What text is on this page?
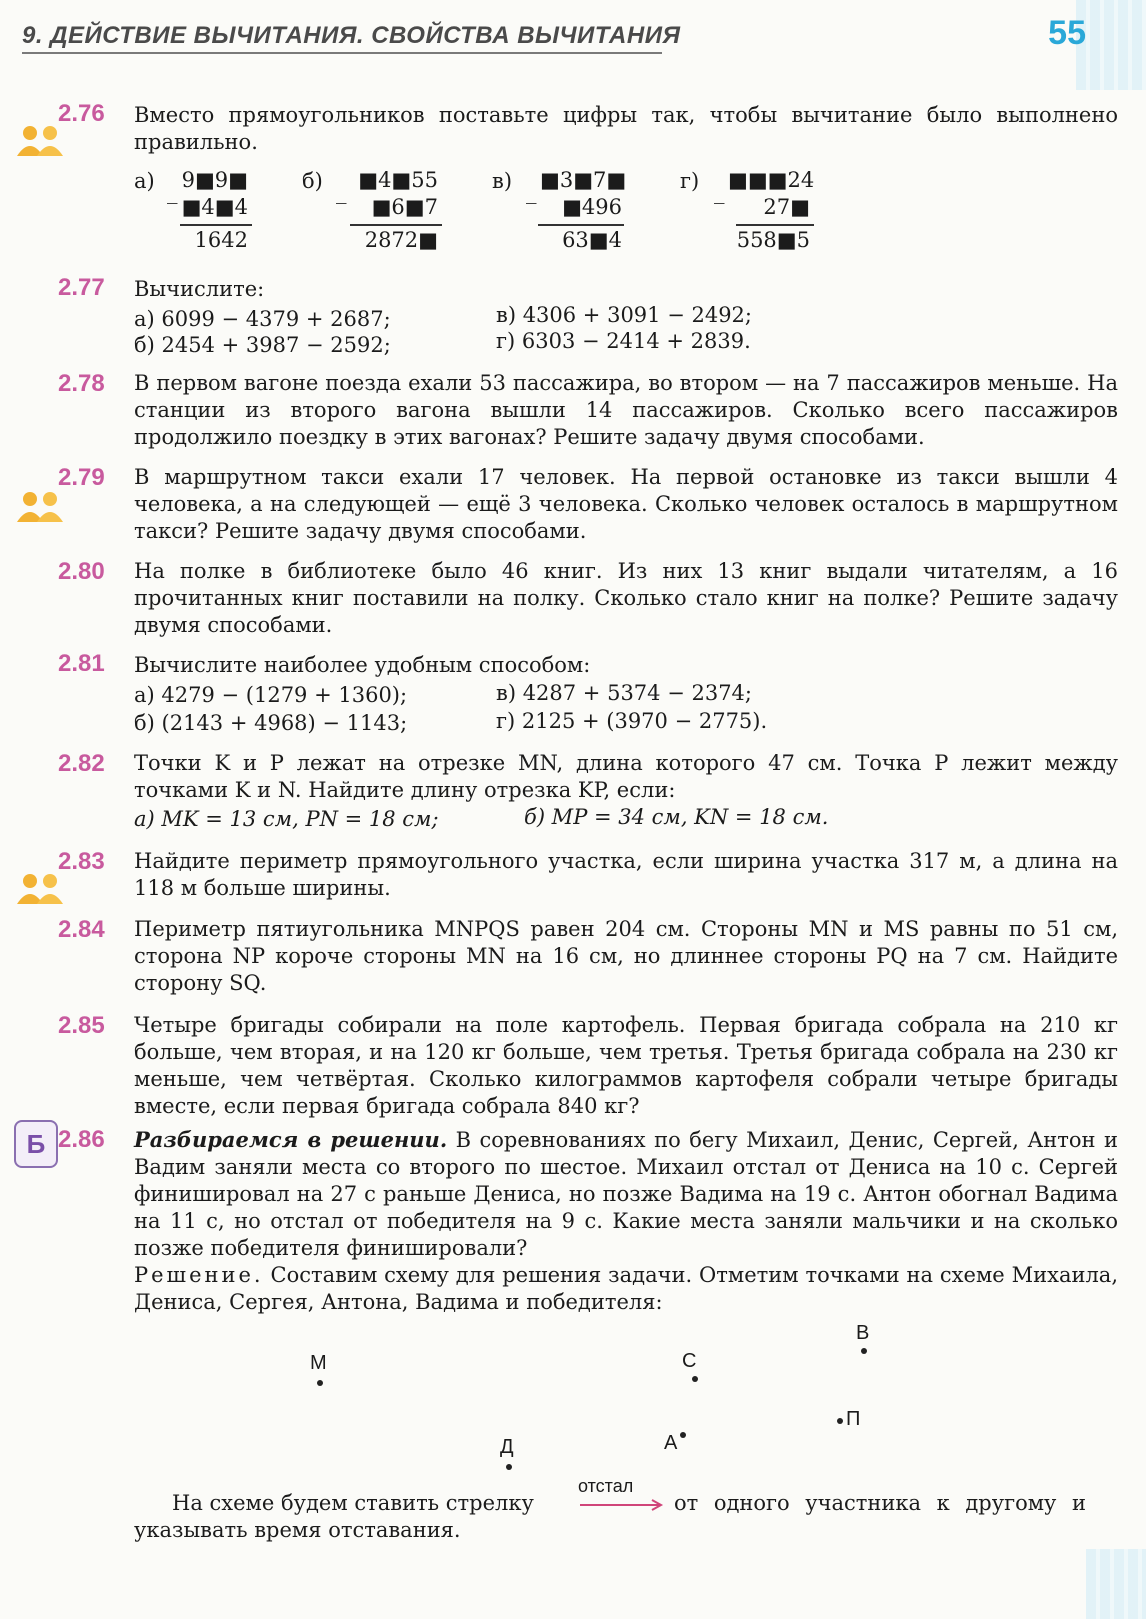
9. ДЕЙСТВИЕ ВЫЧИТАНИЯ. СВОЙСТВА ВЫЧИТАНИЯ	55
2.76	Вместо прямоугольников поставьте цифры так, чтобы вычитание было выполнено правильно.
а) _ 9■9■
■4■4
1642
б) _ ■4■55
■6■7
2872■
в) _ ■3■7■
■496
63■4
г) _ ■■■24
27■
558■5
2.77	Вычислите:
а) 6099 − 4379 + 2687;
б) 2454 + 3987 − 2592;
в) 4306 + 3091 − 2492;
г) 6303 − 2414 + 2839.
2.78	В первом вагоне поезда ехали 53 пассажира, во втором — на 7 пассажиров меньше. На станции из второго вагона вышли 14 пассажиров. Сколько всего пассажиров продолжило поездку в этих вагонах? Решите задачу двумя способами.
2.79	В маршрутном такси ехали 17 человек. На первой остановке из такси вышли 4 человека, а на следующей — ещё 3 человека. Сколько человек осталось в маршрутном такси? Решите задачу двумя способами.
2.80	На полке в библиотеке было 46 книг. Из них 13 книг выдали читателям, а 16 прочитанных книг поставили на полку. Сколько стало книг на полке? Решите задачу двумя способами.
2.81	Вычислите наиболее удобным способом:
а) 4279 − (1279 + 1360);
б) (2143 + 4968) − 1143;
в) 4287 + 5374 − 2374;
г) 2125 + (3970 − 2775).
2.82	Точки K и P лежат на отрезке MN, длина которого 47 см. Точка P лежит между точками K и N. Найдите длину отрезка KP, если:
а) MK = 13 см, PN = 18 см;	б) MP = 34 см, KN = 18 см.
2.83	Найдите периметр прямоугольного участка, если ширина участка 317 м, а длина на 118 м больше ширины.
2.84	Периметр пятиугольника MNPQS равен 204 см. Стороны MN и MS равны по 51 см, сторона NP короче стороны MN на 16 см, но длиннее стороны PQ на 7 см. Найдите сторону SQ.
2.85	Четыре бригады собирали на поле картофель. Первая бригада собрала на 210 кг больше, чем вторая, и на 120 кг больше, чем третья. Третья бригада собрала на 230 кг меньше, чем четвёртая. Сколько килограммов картофеля собрали четыре бригады вместе, если первая бригада собрала 840 кг?
Б 2.86	Разбираемся в решении. В соревнованиях по бегу Михаил, Денис, Сергей, Антон и Вадим заняли места со второго по шестое. Михаил отстал от Дениса на 10 с. Сергей финишировал на 27 с раньше Дениса, но позже Вадима на 19 с. Антон обогнал Вадима на 11 с, но отстал от победителя на 9 с. Какие места заняли мальчики и на сколько позже победителя финишировали?
Решение. Составим схему для решения задачи. Отметим точками на схеме Михаила, Дениса, Сергея, Антона, Вадима и победителя:
М
Д
С
А
В
П
На схеме будем ставить стрелку
отстал
от одного участника к другому и указывать время отставания.
